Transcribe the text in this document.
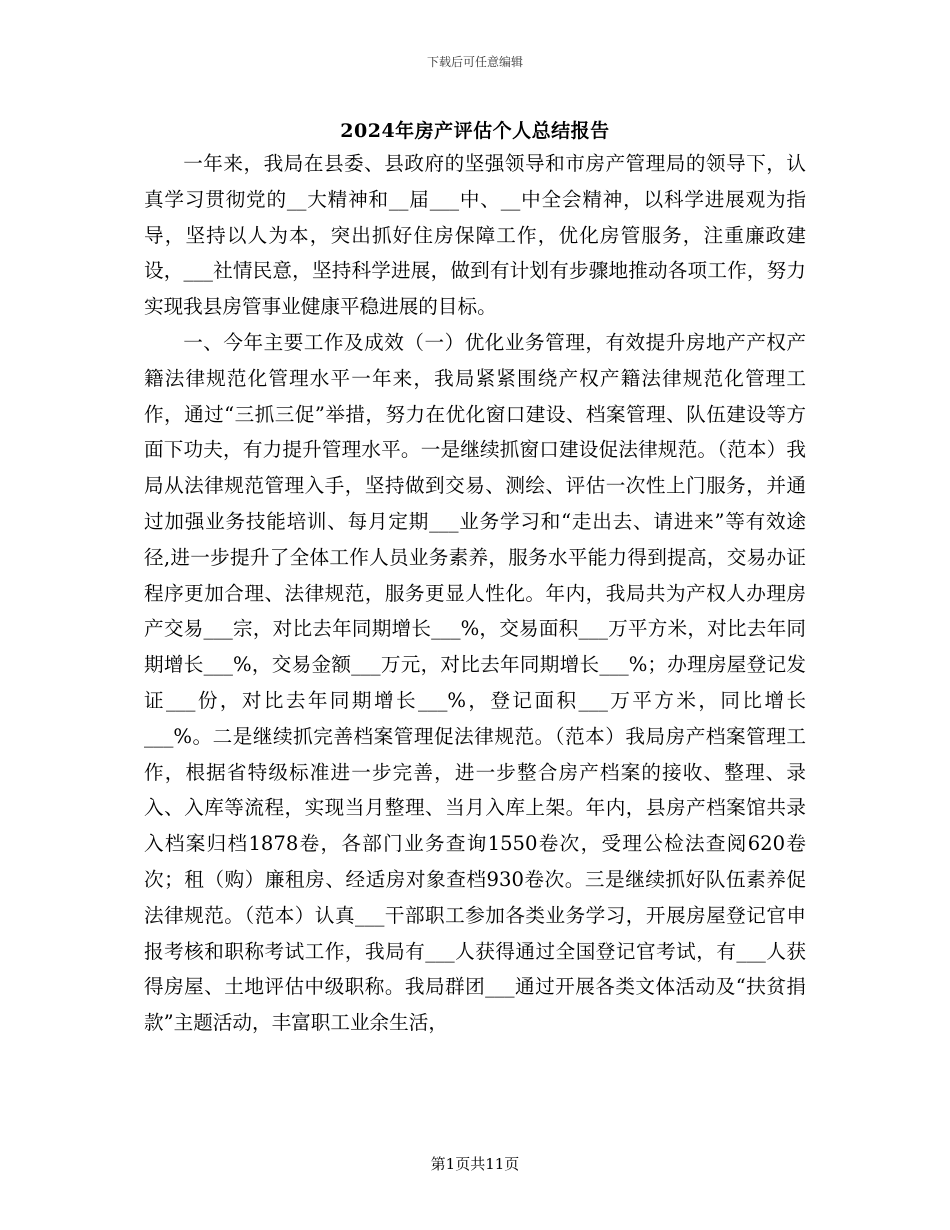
下载后可任意编辑
2024年房产评估个人总结报告

一年来，我局在县委、县政府的坚强领导和市房产管理局的领导下，认真学习贯彻党的__大精神和__届___中、__中全会精神，以科学进展观为指导，坚持以人为本，突出抓好住房保障工作，优化房管服务，注重廉政建设，___社情民意，坚持科学进展，做到有计划有步骤地推动各项工作，努力实现我县房管事业健康平稳进展的目标。

一、今年主要工作及成效（一）优化业务管理，有效提升房地产产权产籍法律规范化管理水平一年来，我局紧紧围绕产权产籍法律规范化管理工作，通过“三抓三促”举措，努力在优化窗口建设、档案管理、队伍建设等方面下功夫，有力提升管理水平。一是继续抓窗口建设促法律规范。（范本）我局从法律规范管理入手，坚持做到交易、测绘、评估一次性上门服务，并通过加强业务技能培训、每月定期___业务学习和“走出去、请进来”等有效途径,进一步提升了全体工作人员业务素养，服务水平能力得到提高，交易办证程序更加合理、法律规范，服务更显人性化。年内，我局共为产权人办理房产交易___宗，对比去年同期增长___%，交易面积___万平方米，对比去年同期增长___%，交易金额___万元，对比去年同期增长___%；办理房屋登记发证___份，对比去年同期增长___%，登记面积___万平方米，同比增长___%。二是继续抓完善档案管理促法律规范。（范本）我局房产档案管理工作，根据省特级标准进一步完善，进一步整合房产档案的接收、整理、录入、入库等流程，实现当月整理、当月入库上架。年内，县房产档案馆共录入档案归档1878卷，各部门业务查询1550卷次，受理公检法查阅620卷次；租（购）廉租房、经适房对象查档930卷次。三是继续抓好队伍素养促法律规范。（范本）认真___干部职工参加各类业务学习，开展房屋登记官申报考核和职称考试工作，我局有___人获得通过全国登记官考试，有___人获得房屋、土地评估中级职称。我局群团___通过开展各类文体活动及“扶贫捐款”主题活动，丰富职工业余生活，

第1页共11页
